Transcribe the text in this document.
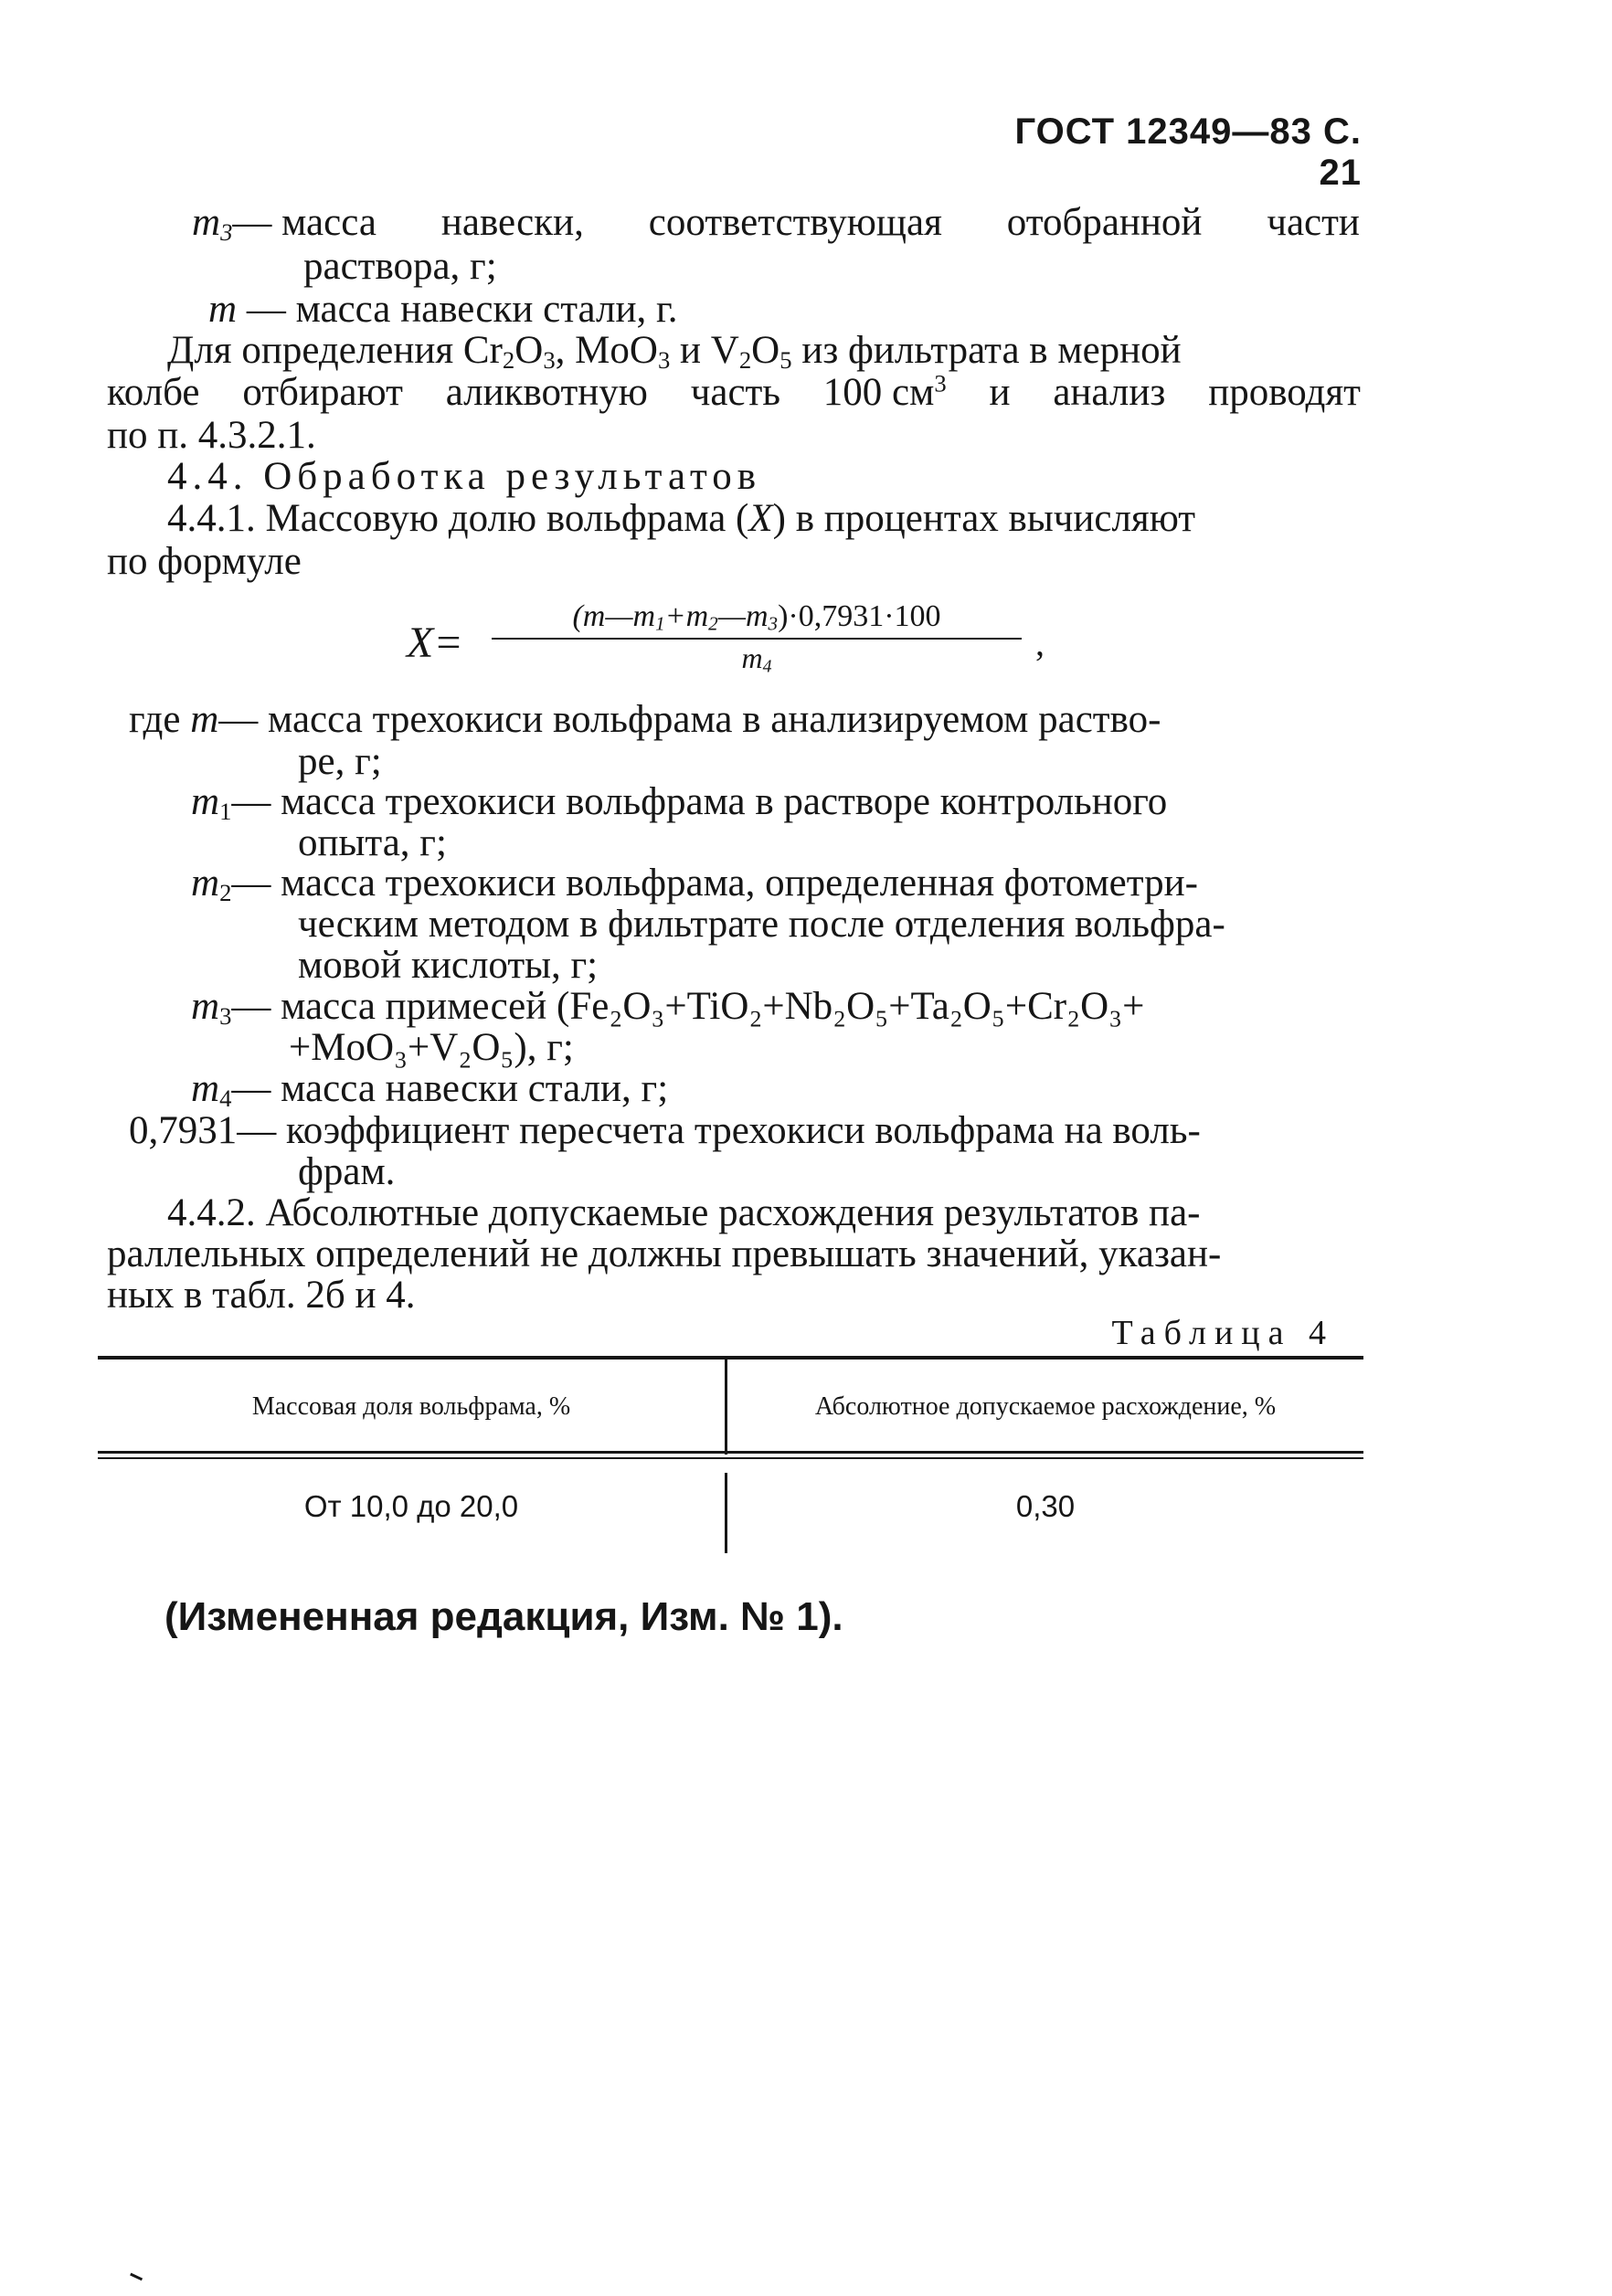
ГОСТ 12349—83 С. 21
$m_3—$ масса навески, соответствующая отобранной части
раствора, г;
m — масса навески стали, г.
Для определения $Cr_2O_3$, MoO$_3$ и $V_2O_5$ из фильтрата в мерной
колбе отбирают аликвотную часть 100 $см^3$ и анализ проводят
по п. 4.3.2.1.
4.4. Обработка результатов
4.4.1. Массовую долю вольфрама (X) в процентах вычисляют
по формуле
$X= \frac{(m—m_1+m_2—m_3)\cdot 0,7931\cdot 100}{m_4}$ ,
где m— масса трехокиси вольфрама в анализируемом раство-
ре, г;
$m_1—$ масса трехокиси вольфрама в растворе контрольного
опыта, г;
$m_2—$ масса трехокиси вольфрама, определенная фотометри-
ческим методом в фильтрате после отделения вольфра-
мовой кислоты, г;
$m_3—$ масса примесей (Fe₂O₃+TiO₂+Nb₂O₅+Ta₂O₅+Cr₂O₃+
+MoO₃+V₂O₅), г;
$m_4—$ масса навески стали, г;
0,7931— коэффициент пересчета трехокиси вольфрама на воль-
фрам.
4.4.2. Абсолютные допускаемые расхождения результатов па-
раллельных определений не должны превышать значений, указан-
ных в табл. 2б и 4.
Таблица 4
Массовая доля вольфрама, %	Абсолютное допускаемое расхождение, %
От 10,0 до 20,0	0,30
(Измененная редакция, Изм. № 1).
